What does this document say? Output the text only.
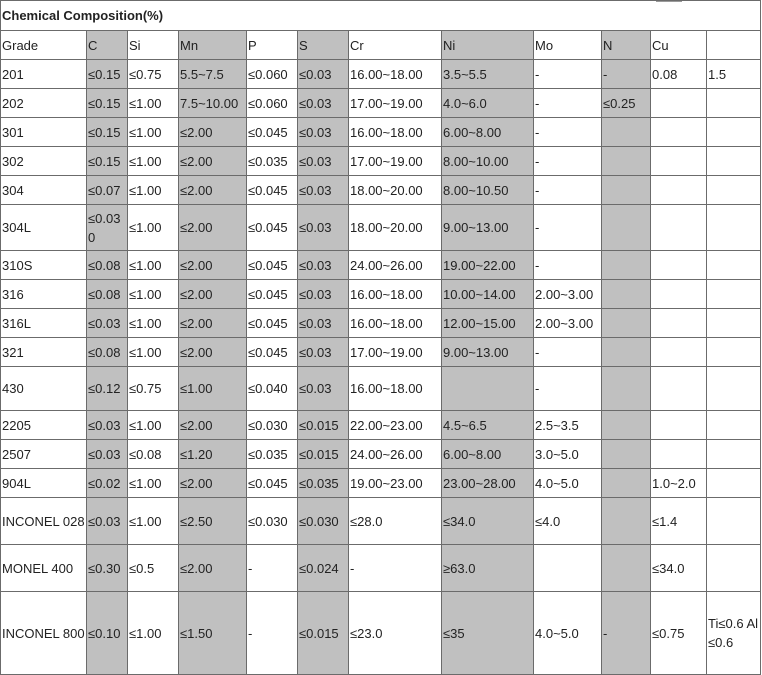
Chemical Composition(%)											
Grade	C	Si	Mn	P	S	Cr	Ni	Mo	N	Cu	
201	≤0.15	≤0.75	5.5~7.5	≤0.060	≤0.03	16.00~18.00	3.5~5.5	-	-	0.08	1.5
202	≤0.15	≤1.00	7.5~10.00	≤0.060	≤0.03	17.00~19.00	4.0~6.0	-	≤0.25		
301	≤0.15	≤1.00	≤2.00	≤0.045	≤0.03	16.00~18.00	6.00~8.00	-			
302	≤0.15	≤1.00	≤2.00	≤0.035	≤0.03	17.00~19.00	8.00~10.00	-			
304	≤0.07	≤1.00	≤2.00	≤0.045	≤0.03	18.00~20.00	8.00~10.50	-			
304L	≤0.030	≤1.00	≤2.00	≤0.045	≤0.03	18.00~20.00	9.00~13.00	-			
310S	≤0.08	≤1.00	≤2.00	≤0.045	≤0.03	24.00~26.00	19.00~22.00	-			
316	≤0.08	≤1.00	≤2.00	≤0.045	≤0.03	16.00~18.00	10.00~14.00	2.00~3.00			
316L	≤0.03	≤1.00	≤2.00	≤0.045	≤0.03	16.00~18.00	12.00~15.00	2.00~3.00			
321	≤0.08	≤1.00	≤2.00	≤0.045	≤0.03	17.00~19.00	9.00~13.00	-			
430	≤0.12	≤0.75	≤1.00	≤0.040	≤0.03	16.00~18.00		-			
2205	≤0.03	≤1.00	≤2.00	≤0.030	≤0.015	22.00~23.00	4.5~6.5	2.5~3.5			
2507	≤0.03	≤0.08	≤1.20	≤0.035	≤0.015	24.00~26.00	6.00~8.00	3.0~5.0			
904L	≤0.02	≤1.00	≤2.00	≤0.045	≤0.035	19.00~23.00	23.00~28.00	4.0~5.0		1.0~2.0	
INCONEL 028	≤0.03	≤1.00	≤2.50	≤0.030	≤0.030	≤28.0	≤34.0	≤4.0		≤1.4	
MONEL 400	≤0.30	≤0.5	≤2.00	-	≤0.024	-	≥63.0			≤34.0	
INCONEL 800	≤0.10	≤1.00	≤1.50	-	≤0.015	≤23.0	≤35	4.0~5.0	-	≤0.75	Ti≤0.6 Al≤0.6
